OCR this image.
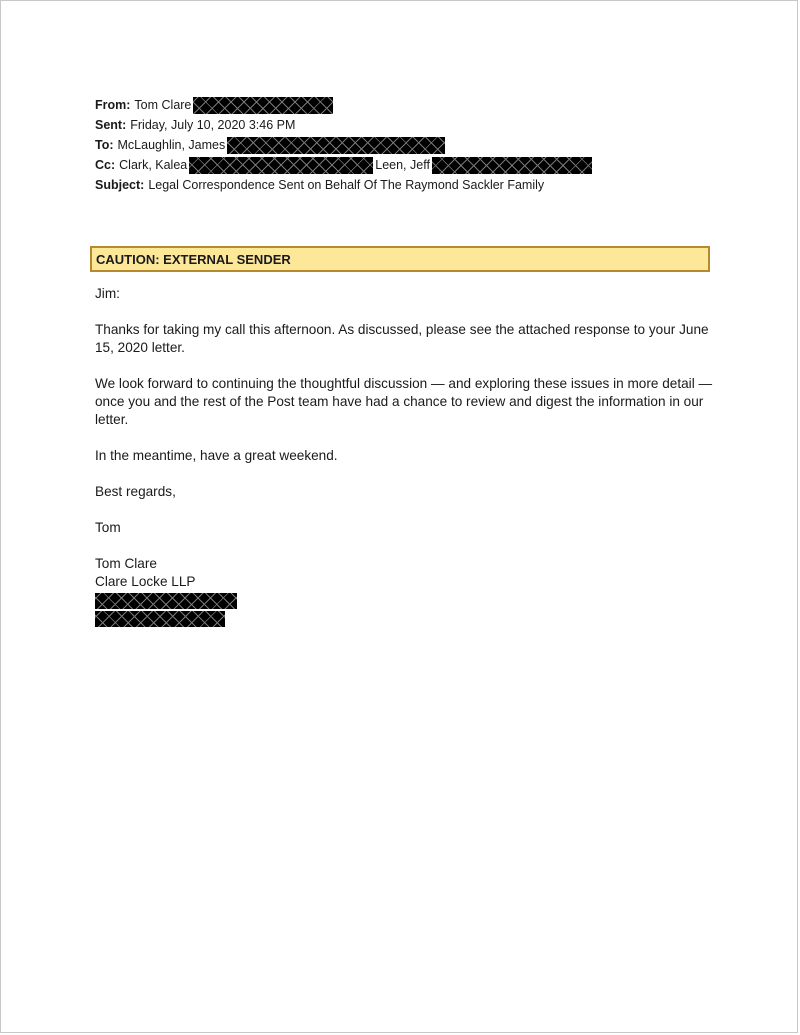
From: Tom Clare
Sent: Friday, July 10, 2020 3:46 PM
To: McLaughlin, James
Cc: Clark, Kalea	Leen, Jeff
Subject: Legal Correspondence Sent on Behalf Of The Raymond Sackler Family
CAUTION: EXTERNAL SENDER

Jim:

Thanks for taking my call this afternoon. As discussed, please see the attached response to your June 15, 2020 letter.

We look forward to continuing the thoughtful discussion — and exploring these issues in more detail — once you and the rest of the Post team have had a chance to review and digest the information in our letter.

In the meantime, have a great weekend.

Best regards,

Tom

Tom Clare
Clare Locke LLP
